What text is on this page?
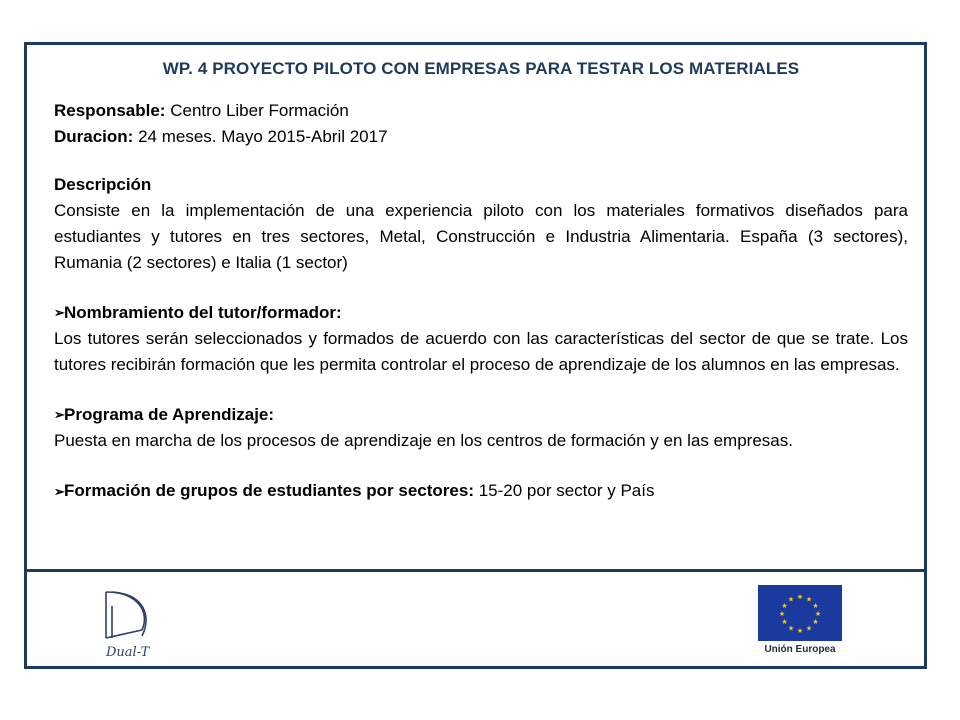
WP. 4 PROYECTO PILOTO CON EMPRESAS PARA TESTAR LOS MATERIALES

Responsable: Centro Liber Formación

Duracion: 24 meses. Mayo 2015-Abril 2017

Descripción

Consiste en la implementación de una experiencia piloto con los materiales formativos diseñados para estudiantes y tutores en tres sectores, Metal, Construcción e Industria Alimentaria. España (3 sectores), Rumania (2 sectores) e Italia (1 sector)

➢ Nombramiento del tutor/formador:

Los tutores serán seleccionados y formados de acuerdo con las características del sector de que se trate. Los tutores recibirán formación que les permita controlar el proceso de aprendizaje de los alumnos en las empresas.

➢ Programa de Aprendizaje:

Puesta en marcha de los procesos de aprendizaje en los centros de formación y en las empresas.

➢Formación de grupos de estudiantes por sectores: 15-20 por sector y País

Dual-T
★ ★
★
★
★
★
★
★
★
★
★
★
Unión Europea
